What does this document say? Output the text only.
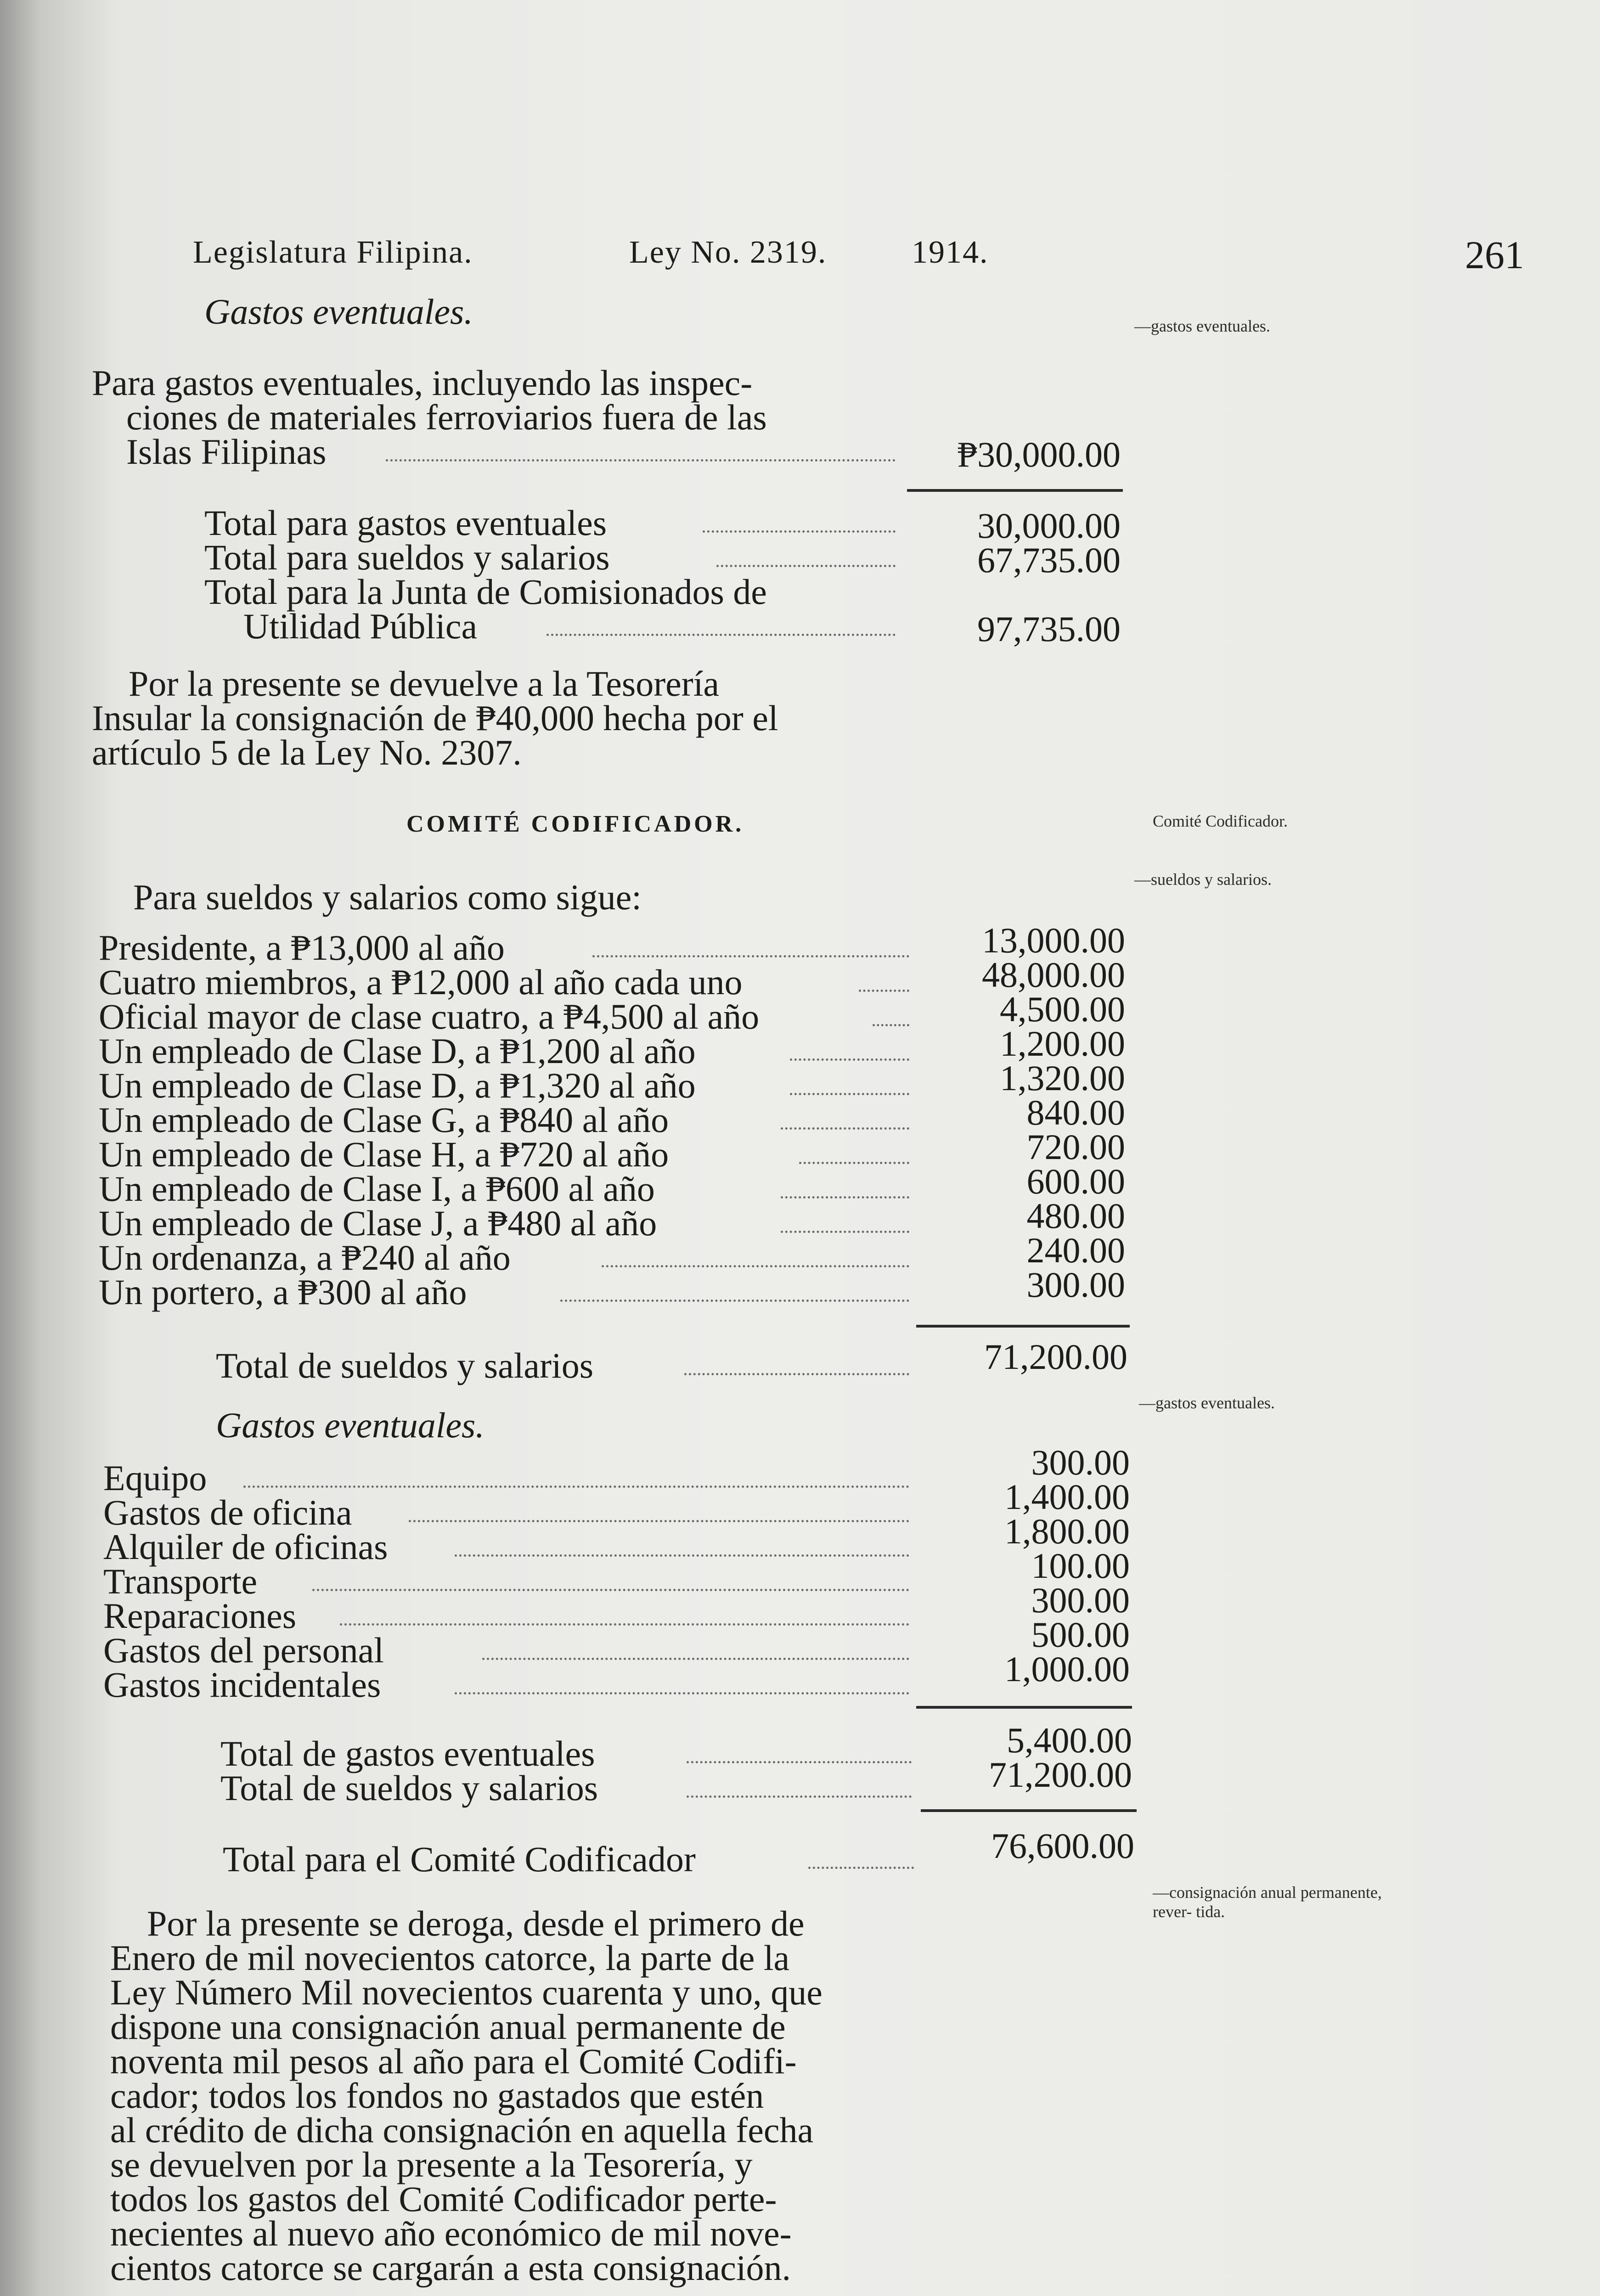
Legislatura Filipina.	Ley No. 2319.	1914.	261
Gastos eventuales.	—gastos eventuales.
Para gastos eventuales, incluyendo las inspec-
ciones de materiales ferroviarios fuera de las
Islas Filipinas	₱30,000.00
Total para gastos eventuales	30,000.00
Total para sueldos y salarios	67,735.00
Total para la Junta de Comisionados de
Utilidad Pública	97,735.00
Por la presente se devuelve a la Tesorería
Insular la consignación de ₱40,000 hecha por el
artículo 5 de la Ley No. 2307.
COMITÉ CODIFICADOR.	Comité Codificador.
—sueldos y salarios.
Para sueldos y salarios como sigue:
Presidente, a ₱13,000 al año	13,000.00
Cuatro miembros, a ₱12,000 al año cada uno	48,000.00
Oficial mayor de clase cuatro, a ₱4,500 al año	4,500.00
Un empleado de Clase D, a ₱1,200 al año	1,200.00
Un empleado de Clase D, a ₱1,320 al año	1,320.00
Un empleado de Clase G, a ₱840 al año	840.00
Un empleado de Clase H, a ₱720 al año	720.00
Un empleado de Clase I, a ₱600 al año	600.00
Un empleado de Clase J, a ₱480 al año	480.00
Un ordenanza, a ₱240 al año	240.00
Un portero, a ₱300 al año	300.00
Total de sueldos y salarios	71,200.00
—gastos eventuales.
Gastos eventuales.
Equipo	300.00
Gastos de oficina	1,400.00
Alquiler de oficinas	1,800.00
Transporte	100.00
Reparaciones	300.00
Gastos del personal	500.00
Gastos incidentales	1,000.00
Total de gastos eventuales	5,400.00
Total de sueldos y salarios	71,200.00
Total para el Comité Codificador	76,600.00
—consignación anual permanente, rever- tida.
Por la presente se deroga, desde el primero de
Enero de mil novecientos catorce, la parte de la
Ley Número Mil novecientos cuarenta y uno, que
dispone una consignación anual permanente de
noventa mil pesos al año para el Comité Codifi-
cador; todos los fondos no gastados que estén
al crédito de dicha consignación en aquella fecha
se devuelven por la presente a la Tesorería, y
todos los gastos del Comité Codificador perte-
necientes al nuevo año económico de mil nove-
cientos catorce se cargarán a esta consignación.
